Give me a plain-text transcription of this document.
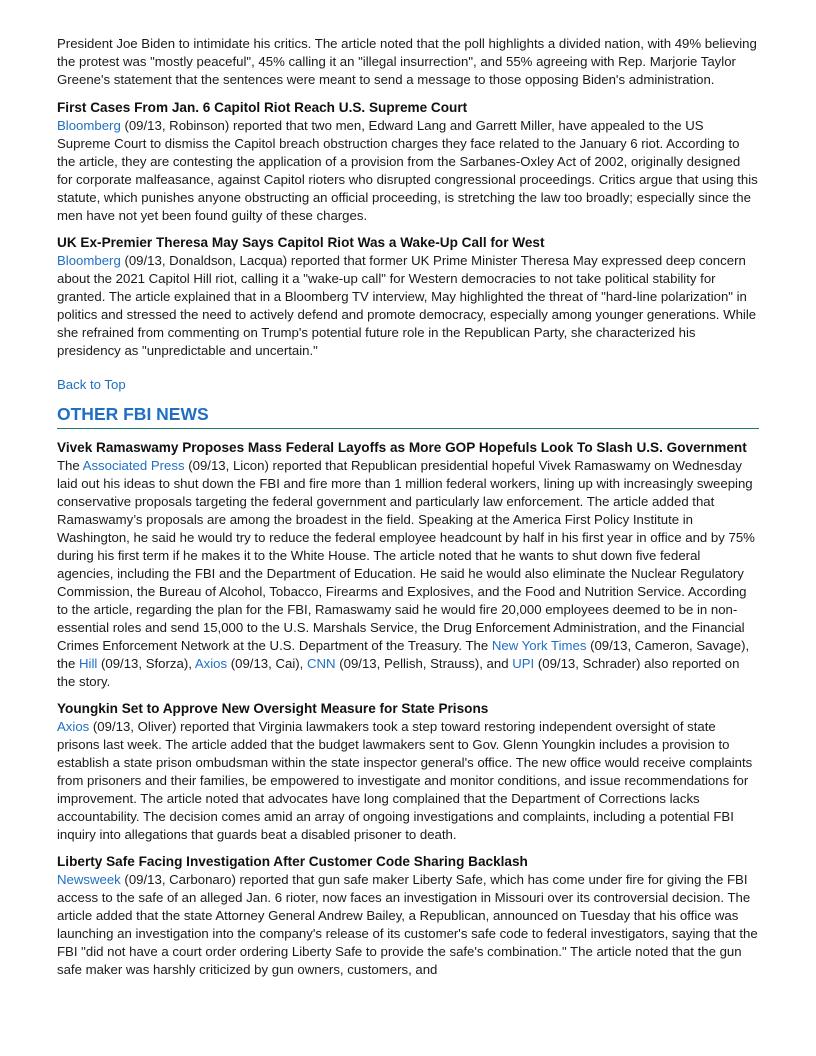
President Joe Biden to intimidate his critics. The article noted that the poll highlights a divided nation, with 49% believing the protest was "mostly peaceful", 45% calling it an "illegal insurrection", and 55% agreeing with Rep. Marjorie Taylor Greene's statement that the sentences were meant to send a message to those opposing Biden's administration.

First Cases From Jan. 6 Capitol Riot Reach U.S. Supreme Court

Bloomberg (09/13, Robinson) reported that two men, Edward Lang and Garrett Miller, have appealed to the US Supreme Court to dismiss the Capitol breach obstruction charges they face related to the January 6 riot. According to the article, they are contesting the application of a provision from the Sarbanes-Oxley Act of 2002, originally designed for corporate malfeasance, against Capitol rioters who disrupted congressional proceedings. Critics argue that using this statute, which punishes anyone obstructing an official proceeding, is stretching the law too broadly; especially since the men have not yet been found guilty of these charges.

UK Ex-Premier Theresa May Says Capitol Riot Was a Wake-Up Call for West

Bloomberg (09/13, Donaldson, Lacqua) reported that former UK Prime Minister Theresa May expressed deep concern about the 2021 Capitol Hill riot, calling it a "wake-up call" for Western democracies to not take political stability for granted. The article explained that in a Bloomberg TV interview, May highlighted the threat of "hard-line polarization" in politics and stressed the need to actively defend and promote democracy, especially among younger generations. While she refrained from commenting on Trump's potential future role in the Republican Party, she characterized his presidency as "unpredictable and uncertain."

Back to Top
OTHER FBI NEWS
Vivek Ramaswamy Proposes Mass Federal Layoffs as More GOP Hopefuls Look To Slash U.S. Government

The Associated Press (09/13, Licon) reported that Republican presidential hopeful Vivek Ramaswamy on Wednesday laid out his ideas to shut down the FBI and fire more than 1 million federal workers, lining up with increasingly sweeping conservative proposals targeting the federal government and particularly law enforcement. The article added that Ramaswamy’s proposals are among the broadest in the field. Speaking at the America First Policy Institute in Washington, he said he would try to reduce the federal employee headcount by half in his first year in office and by 75% during his first term if he makes it to the White House. The article noted that he wants to shut down five federal agencies, including the FBI and the Department of Education. He said he would also eliminate the Nuclear Regulatory Commission, the Bureau of Alcohol, Tobacco, Firearms and Explosives, and the Food and Nutrition Service. According to the article, regarding the plan for the FBI, Ramaswamy said he would fire 20,000 employees deemed to be in non-essential roles and send 15,000 to the U.S. Marshals Service, the Drug Enforcement Administration, and the Financial Crimes Enforcement Network at the U.S. Department of the Treasury. The New York Times (09/13, Cameron, Savage), the Hill (09/13, Sforza), Axios (09/13, Cai), CNN (09/13, Pellish, Strauss), and UPI (09/13, Schrader) also reported on the story.

Youngkin Set to Approve New Oversight Measure for State Prisons

Axios (09/13, Oliver) reported that Virginia lawmakers took a step toward restoring independent oversight of state prisons last week. The article added that the budget lawmakers sent to Gov. Glenn Youngkin includes a provision to establish a state prison ombudsman within the state inspector general's office. The new office would receive complaints from prisoners and their families, be empowered to investigate and monitor conditions, and issue recommendations for improvement. The article noted that advocates have long complained that the Department of Corrections lacks accountability. The decision comes amid an array of ongoing investigations and complaints, including a potential FBI inquiry into allegations that guards beat a disabled prisoner to death.

Liberty Safe Facing Investigation After Customer Code Sharing Backlash

Newsweek (09/13, Carbonaro) reported that gun safe maker Liberty Safe, which has come under fire for giving the FBI access to the safe of an alleged Jan. 6 rioter, now faces an investigation in Missouri over its controversial decision. The article added that the state Attorney General Andrew Bailey, a Republican, announced on Tuesday that his office was launching an investigation into the company's release of its customer's safe code to federal investigators, saying that the FBI "did not have a court order ordering Liberty Safe to provide the safe's combination." The article noted that the gun safe maker was harshly criticized by gun owners, customers, and
